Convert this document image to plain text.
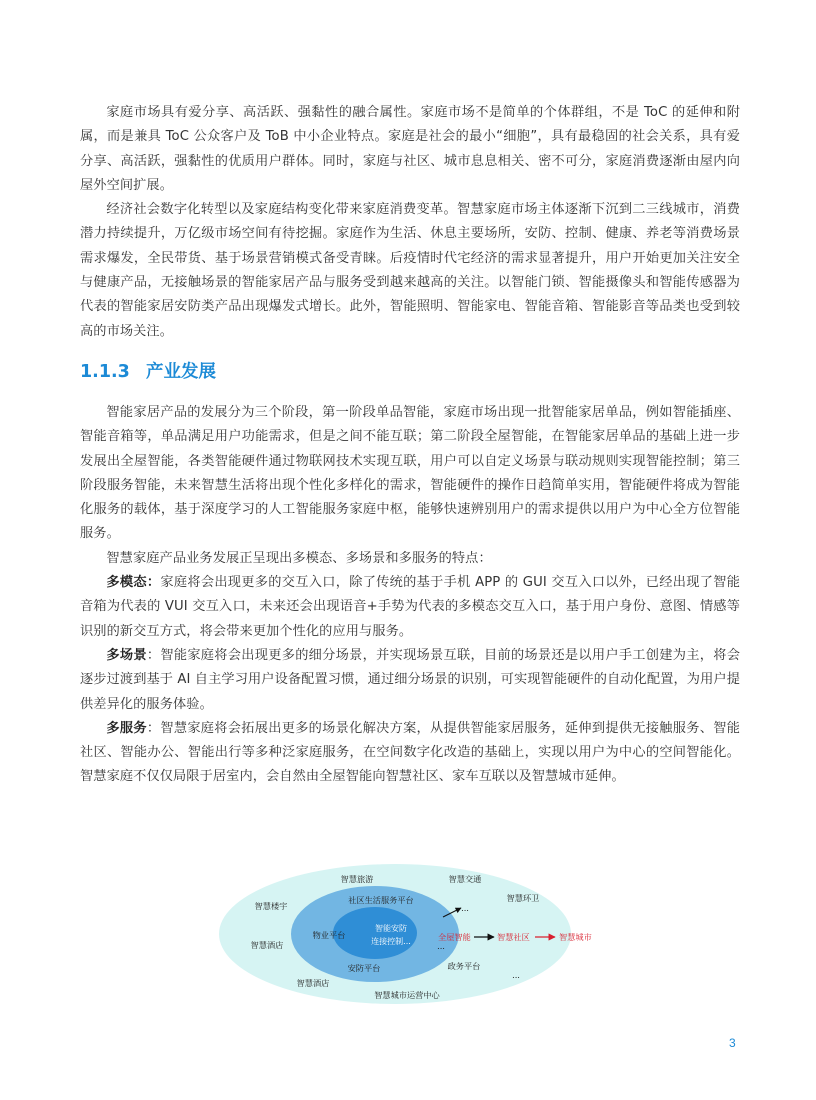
家庭市场具有爱分享、高活跃、强黏性的融合属性。家庭市场不是简单的个体群组，不是 ToC 的延伸和附属，而是兼具 ToC 公众客户及 ToB 中小企业特点。家庭是社会的最小“细胞”，具有最稳固的社会关系，具有爱分享、高活跃，强黏性的优质用户群体。同时，家庭与社区、城市息息相关、密不可分，家庭消费逐渐由屋内向屋外空间扩展。

经济社会数字化转型以及家庭结构变化带来家庭消费变革。智慧家庭市场主体逐渐下沉到二三线城市，消费潜力持续提升，万亿级市场空间有待挖掘。家庭作为生活、休息主要场所，安防、控制、健康、养老等消费场景需求爆发，全民带货、基于场景营销模式备受青睐。后疫情时代宅经济的需求显著提升，用户开始更加关注安全与健康产品，无接触场景的智能家居产品与服务受到越来越高的关注。以智能门锁、智能摄像头和智能传感器为代表的智能家居安防类产品出现爆发式增长。此外，智能照明、智能家电、智能音箱、智能影音等品类也受到较高的市场关注。

1.1.3 产业发展

智能家居产品的发展分为三个阶段，第一阶段单品智能，家庭市场出现一批智能家居单品，例如智能插座、智能音箱等，单品满足用户功能需求，但是之间不能互联；第二阶段全屋智能，在智能家居单品的基础上进一步发展出全屋智能，各类智能硬件通过物联网技术实现互联，用户可以自定义场景与联动规则实现智能控制；第三阶段服务智能，未来智慧生活将出现个性化多样化的需求，智能硬件的操作日趋简单实用，智能硬件将成为智能化服务的载体，基于深度学习的人工智能服务家庭中枢，能够快速辨别用户的需求提供以用户为中心全方位智能服务。

智慧家庭产品业务发展正呈现出多模态、多场景和多服务的特点：

多模态：家庭将会出现更多的交互入口，除了传统的基于手机 APP 的 GUI 交互入口以外，已经出现了智能音箱为代表的 VUI 交互入口，未来还会出现语音+手势为代表的多模态交互入口，基于用户身份、意图、情感等识别的新交互方式，将会带来更加个性化的应用与服务。

多场景：智能家庭将会出现更多的细分场景，并实现场景互联，目前的场景还是以用户手工创建为主，将会逐步过渡到基于 AI 自主学习用户设备配置习惯，通过细分场景的识别，可实现智能硬件的自动化配置，为用户提供差异化的服务体验。

多服务：智慧家庭将会拓展出更多的场景化解决方案，从提供智能家居服务，延伸到提供无接触服务、智能社区、智能办公、智能出行等多种泛家庭服务，在空间数字化改造的基础上，实现以用户为中心的空间智能化。智慧家庭不仅仅局限于居室内，会自然由全屋智能向智慧社区、家车互联以及智慧城市延伸。

智慧旅游	智慧交通
智慧楼宇
智慧环卫
智慧酒店
智慧酒店
智慧城市运营中心
...
社区生活服务平台
...
物业平台
安防平台	政务平台
...
智能安防
连接控制...	全屋智能	智慧社区	智慧城市
3
